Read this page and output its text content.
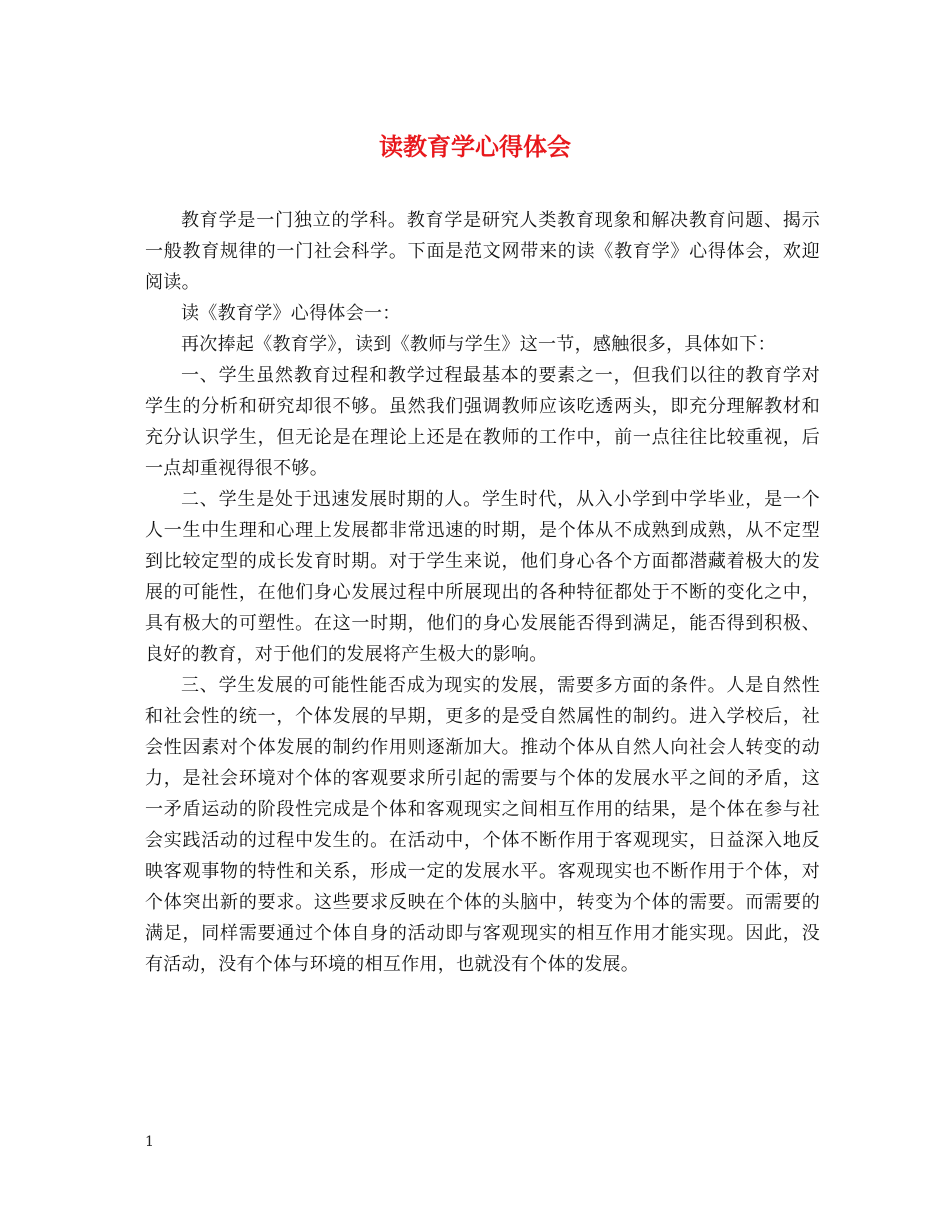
读教育学心得体会

教育学是一门独立的学科。教育学是研究人类教育现象和解决教育问题、揭示一般教育规律的一门社会科学。下面是范文网带来的读《教育学》心得体会，欢迎阅读。

读《教育学》心得体会一：

再次捧起《教育学》，读到《教师与学生》这一节，感触很多，具体如下：

一、学生虽然教育过程和教学过程最基本的要素之一，但我们以往的教育学对学生的分析和研究却很不够。虽然我们强调教师应该吃透两头，即充分理解教材和充分认识学生，但无论是在理论上还是在教师的工作中，前一点往往比较重视，后一点却重视得很不够。

二、学生是处于迅速发展时期的人。学生时代，从入小学到中学毕业，是一个人一生中生理和心理上发展都非常迅速的时期，是个体从不成熟到成熟，从不定型到比较定型的成长发育时期。对于学生来说，他们身心各个方面都潜藏着极大的发展的可能性，在他们身心发展过程中所展现出的各种特征都处于不断的变化之中，具有极大的可塑性。在这一时期，他们的身心发展能否得到满足，能否得到积极、良好的教育，对于他们的发展将产生极大的影响。

三、学生发展的可能性能否成为现实的发展，需要多方面的条件。人是自然性和社会性的统一，个体发展的早期，更多的是受自然属性的制约。进入学校后，社会性因素对个体发展的制约作用则逐渐加大。推动个体从自然人向社会人转变的动力，是社会环境对个体的客观要求所引起的需要与个体的发展水平之间的矛盾，这一矛盾运动的阶段性完成是个体和客观现实之间相互作用的结果，是个体在参与社会实践活动的过程中发生的。在活动中，个体不断作用于客观现实，日益深入地反映客观事物的特性和关系，形成一定的发展水平。客观现实也不断作用于个体，对个体突出新的要求。这些要求反映在个体的头脑中，转变为个体的需要。而需要的满足，同样需要通过个体自身的活动即与客观现实的相互作用才能实现。因此，没有活动，没有个体与环境的相互作用，也就没有个体的发展。

1
